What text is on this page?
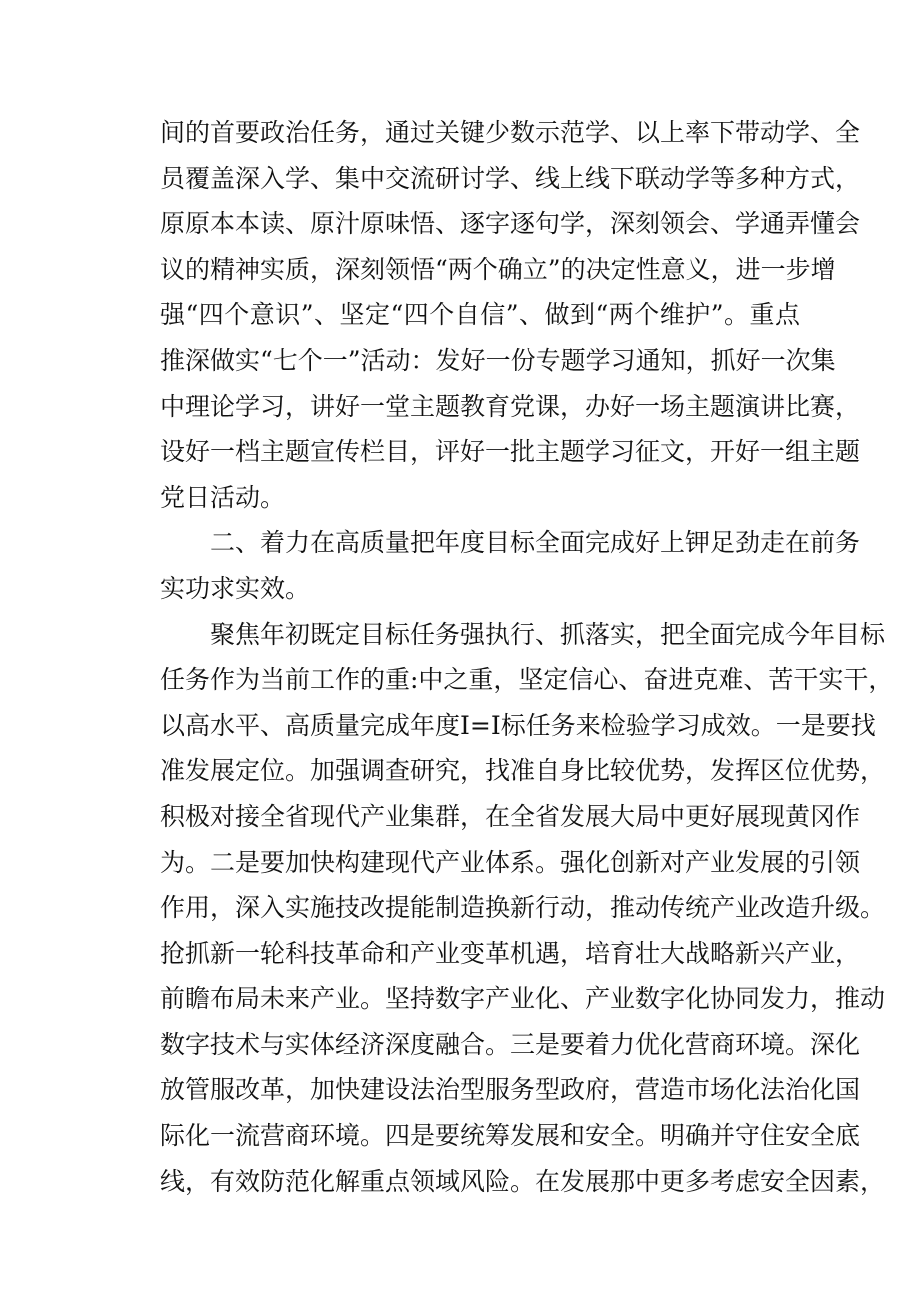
间的首要政治任务，通过关键少数示范学、以上率下带动学、全
员覆盖深入学、集中交流研讨学、线上线下联动学等多种方式，
原原本本读、原汁原味悟、逐字逐句学，深刻领会、学通弄懂会
议的精神实质，深刻领悟“两个确立”的决定性意义，进一步增
强“四个意识”、坚定“四个自信”、做到“两个维护”。重点
推深做实“七个一”活动：发好一份专题学习通知，抓好一次集
中理论学习，讲好一堂主题教育党课，办好一场主题演讲比赛，
设好一档主题宣传栏目，评好一批主题学习征文，开好一组主题
党日活动。
二、着力在高质量把年度目标全面完成好上钾足劲走在前务
实功求实效。
聚焦年初既定目标任务强执行、抓落实，把全面完成今年目标
任务作为当前工作的重:中之重，坚定信心、奋进克难、苦干实干，
以高水平、高质量完成年度I=I标任务来检验学习成效。一是要找
准发展定位。加强调查研究，找准自身比较优势，发挥区位优势，
积极对接全省现代产业集群，在全省发展大局中更好展现黄冈作
为。二是要加快构建现代产业体系。强化创新对产业发展的引领
作用，深入实施技改提能制造换新行动，推动传统产业改造升级。
抢抓新一轮科技革命和产业变革机遇，培育壮大战略新兴产业，
前瞻布局未来产业。坚持数字产业化、产业数字化协同发力，推动
数字技术与实体经济深度融合。三是要着力优化营商环境。深化
放管服改革，加快建设法治型服务型政府，营造市场化法治化国
际化一流营商环境。四是要统筹发展和安全。明确并守住安全底
线，有效防范化解重点领域风险。在发展那中更多考虑安全因素，
